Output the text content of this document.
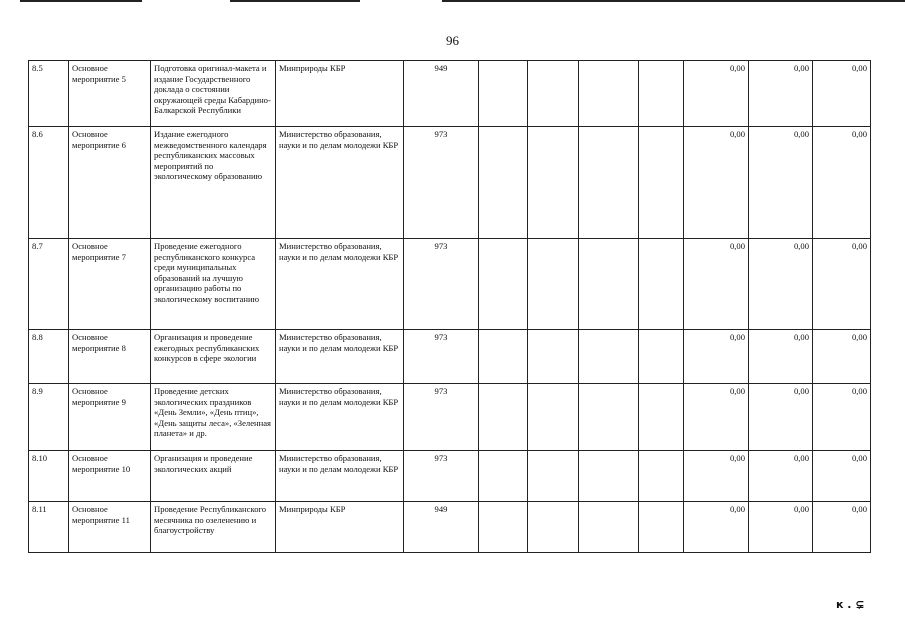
96
8.5	Основное мероприятие 5	Подготовка оригинал-макета и издание Государственного доклада о состоянии окружающей среды Кабардино-Балкарской Республики	Минприроды КБР	949					0,00	0,00	0,00
8.6	Основное мероприятие 6	Издание ежегодного межведомственного календаря республиканских массовых мероприятий по экологическому образованию	Министерство образования, науки и по делам молодежи КБР	973					0,00	0,00	0,00
8.7	Основное мероприятие 7	Проведение ежегодного республиканского конкурса среди муниципальных образований на лучшую организацию работы по экологическому воспитанию	Министерство образования, науки и по делам молодежи КБР	973					0,00	0,00	0,00
8.8	Основное мероприятие 8	Организация и проведение ежегодных республиканских конкурсов в сфере экологии	Министерство образования, науки и по делам молодежи КБР	973					0,00	0,00	0,00
8.9	Основное мероприятие 9	Проведение детских экологических праздников «День Земли», «День птиц», «День защиты леса», «Зеленная планета» и др.	Министерство образования, науки и по делам молодежи КБР	973					0,00	0,00	0,00
8.10	Основное мероприятие 10	Организация и проведение экологических акций	Министерство образования, науки и по делам молодежи КБР	973					0,00	0,00	0,00
8.11	Основное мероприятие 11	Проведение Республиканского месячника по озеленению и благоустройству	Минприроды КБР	949					0,00	0,00	0,00
к . ⊊
